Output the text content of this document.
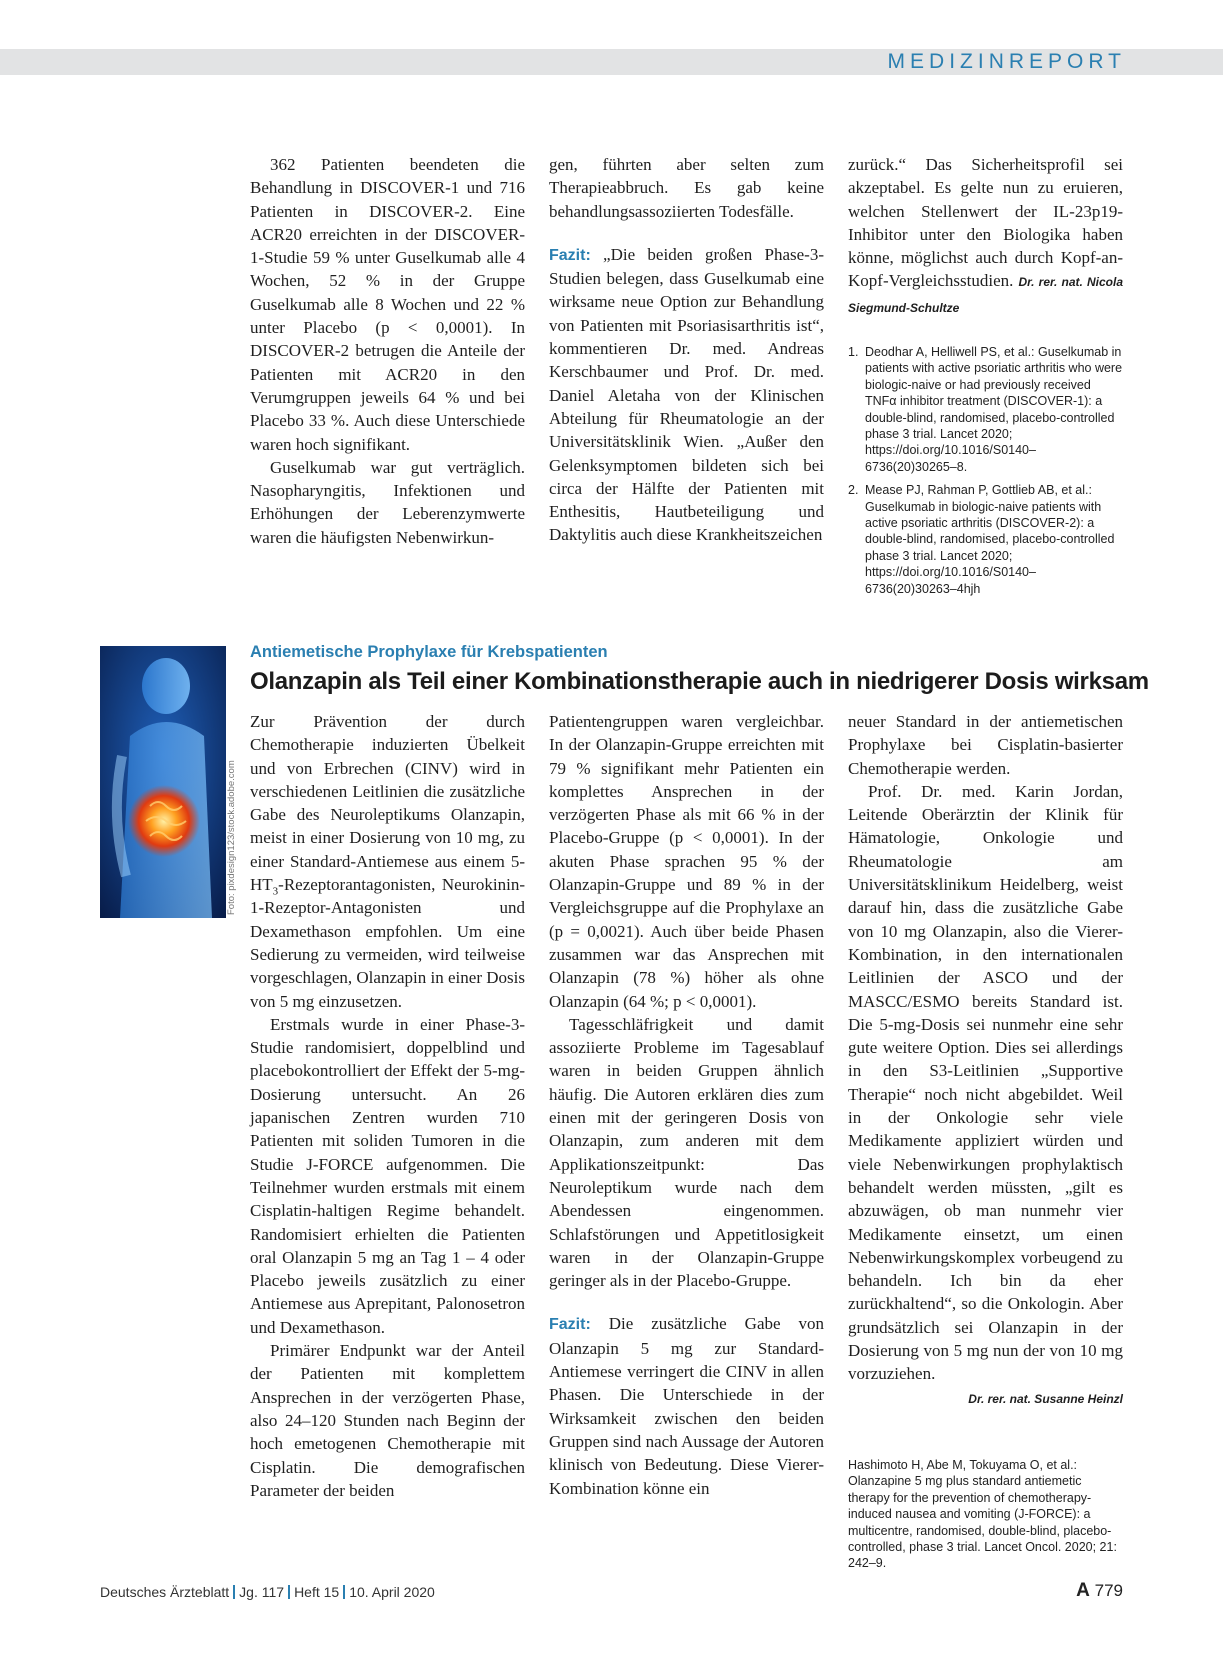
MEDIZINREPORT

362 Patienten beendeten die Behandlung in DISCOVER-1 und 716 Patienten in DISCOVER-2. Eine ACR20 erreichten in der DISCOVER-1-Studie 59 % unter Guselkumab alle 4 Wochen, 52 % in der Gruppe Guselkumab alle 8 Wochen und 22 % unter Placebo (p < 0,0001). In DISCOVER-2 betrugen die Anteile der Patienten mit ACR20 in den Verumgruppen jeweils 64 % und bei Placebo 33 %. Auch diese Unterschiede waren hoch signifikant.

Guselkumab war gut verträglich. Nasopharyngitis, Infektionen und Erhöhungen der Leberenzymwerte waren die häufigsten Nebenwirkun-

gen, führten aber selten zum Therapieabbruch. Es gab keine behandlungsassoziierten Todesfälle.

Fazit: „Die beiden großen Phase-3-Studien belegen, dass Guselkumab eine wirksame neue Option zur Behandlung von Patienten mit Psoriasisarthritis ist“, kommentieren Dr. med. Andreas Kerschbaumer und Prof. Dr. med. Daniel Aletaha von der Klinischen Abteilung für Rheumatologie an der Universitätsklinik Wien. „Außer den Gelenksymptomen bildeten sich bei circa der Hälfte der Patienten mit Enthesitis, Hautbeteiligung und Daktylitis auch diese Krankheitszeichen

zurück.“ Das Sicherheitsprofil sei akzeptabel. Es gelte nun zu eruieren, welchen Stellenwert der IL-23p19-Inhibitor unter den Biologika haben könne, möglichst auch durch Kopf-an-Kopf-Vergleichsstudien. Dr. rer. nat. Nicola Siegmund-Schultze

1. Deodhar A, Helliwell PS, et al.: Guselkumab in patients with active psoriatic arthritis who were biologic-naive or had previously received TNFα inhibitor treatment (DISCOVER-1): a double-blind, randomised, placebo-controlled phase 3 trial. Lancet 2020; https://doi.org/10.1016/S0140–6736(20)30265–8.
2. Mease PJ, Rahman P, Gottlieb AB, et al.: Guselkumab in biologic-naive patients with active psoriatic arthritis (DISCOVER-2): a double-blind, randomised, placebo-controlled phase 3 trial. Lancet 2020; https://doi.org/10.1016/S0140–6736(20)30263–4hjh
Foto: pixdesign123/stock.adobe.com
Antiemetische Prophylaxe für Krebspatienten
Olanzapin als Teil einer Kombinationstherapie auch in niedrigerer Dosis wirksam

Zur Prävention der durch Chemotherapie induzierten Übelkeit und von Erbrechen (CINV) wird in verschiedenen Leitlinien die zusätzliche Gabe des Neuroleptikums Olanzapin, meist in einer Dosierung von 10 mg, zu einer Standard-Antiemese aus einem $5-HT_3$-Rezeptorantagonisten, Neurokinin-1-Rezeptor-Antagonisten und Dexamethason empfohlen. Um eine Sedierung zu vermeiden, wird teilweise vorgeschlagen, Olanzapin in einer Dosis von 5 mg einzusetzen.

Erstmals wurde in einer Phase-3-Studie randomisiert, doppelblind und placebokontrolliert der Effekt der 5-mg-Dosierung untersucht. An 26 japanischen Zentren wurden 710 Patienten mit soliden Tumoren in die Studie J-FORCE aufgenommen. Die Teilnehmer wurden erstmals mit einem Cisplatin-haltigen Regime behandelt. Randomisiert erhielten die Patienten oral Olanzapin 5 mg an Tag 1 – 4 oder Placebo jeweils zusätzlich zu einer Antiemese aus Aprepitant, Palonosetron und Dexamethason.

Primärer Endpunkt war der Anteil der Patienten mit komplettem Ansprechen in der verzögerten Phase, also 24–120 Stunden nach Beginn der hoch emetogenen Chemotherapie mit Cisplatin. Die demografischen Parameter der beiden

Patientengruppen waren vergleichbar. In der Olanzapin-Gruppe erreichten mit 79 % signifikant mehr Patienten ein komplettes Ansprechen in der verzögerten Phase als mit 66 % in der Placebo-Gruppe (p < 0,0001). In der akuten Phase sprachen 95 % der Olanzapin-Gruppe und 89 % in der Vergleichsgruppe auf die Prophylaxe an (p = 0,0021). Auch über beide Phasen zusammen war das Ansprechen mit Olanzapin (78 %) höher als ohne Olanzapin (64 %; p < 0,0001).

Tagesschläfrigkeit und damit assoziierte Probleme im Tagesablauf waren in beiden Gruppen ähnlich häufig. Die Autoren erklären dies zum einen mit der geringeren Dosis von Olanzapin, zum anderen mit dem Applikationszeitpunkt: Das Neuroleptikum wurde nach dem Abendessen eingenommen. Schlafstörungen und Appetitlosigkeit waren in der Olanzapin-Gruppe geringer als in der Placebo-Gruppe.

Fazit: Die zusätzliche Gabe von Olanzapin 5 mg zur Standard-Antiemese verringert die CINV in allen Phasen. Die Unterschiede in der Wirksamkeit zwischen den beiden Gruppen sind nach Aussage der Autoren klinisch von Bedeutung. Diese Vierer-Kombination könne ein

neuer Standard in der antiemetischen Prophylaxe bei Cisplatin-basierter Chemotherapie werden.

Prof. Dr. med. Karin Jordan, Leitende Oberärztin der Klinik für Hämatologie, Onkologie und Rheumatologie am Universitätsklinikum Heidelberg, weist darauf hin, dass die zusätzliche Gabe von 10 mg Olanzapin, also die Vierer-Kombination, in den internationalen Leitlinien der ASCO und der MASCC/ESMO bereits Standard ist. Die 5-mg-Dosis sei nunmehr eine sehr gute weitere Option. Dies sei allerdings in den S3-Leitlinien „Supportive Therapie“ noch nicht abgebildet. Weil in der Onkologie sehr viele Medikamente appliziert würden und viele Nebenwirkungen prophylaktisch behandelt werden müssten, „gilt es abzuwägen, ob man nunmehr vier Medikamente einsetzt, um einen Nebenwirkungskomplex vorbeugend zu behandeln. Ich bin da eher zurückhaltend“, so die Onkologin. Aber grundsätzlich sei Olanzapin in der Dosierung von 5 mg nun der von 10 mg vorzuziehen.

Dr. rer. nat. Susanne Heinzl
Hashimoto H, Abe M, Tokuyama O, et al.: Olanzapine 5 mg plus standard antiemetic therapy for the prevention of chemotherapy-induced nausea and vomiting (J-FORCE): a multicentre, randomised, double-blind, placebo-controlled, phase 3 trial. Lancet Oncol. 2020; 21: 242–9.
Deutsches Ärzteblatt Jg. 117 Heft 15 10. April 2020	A 779
